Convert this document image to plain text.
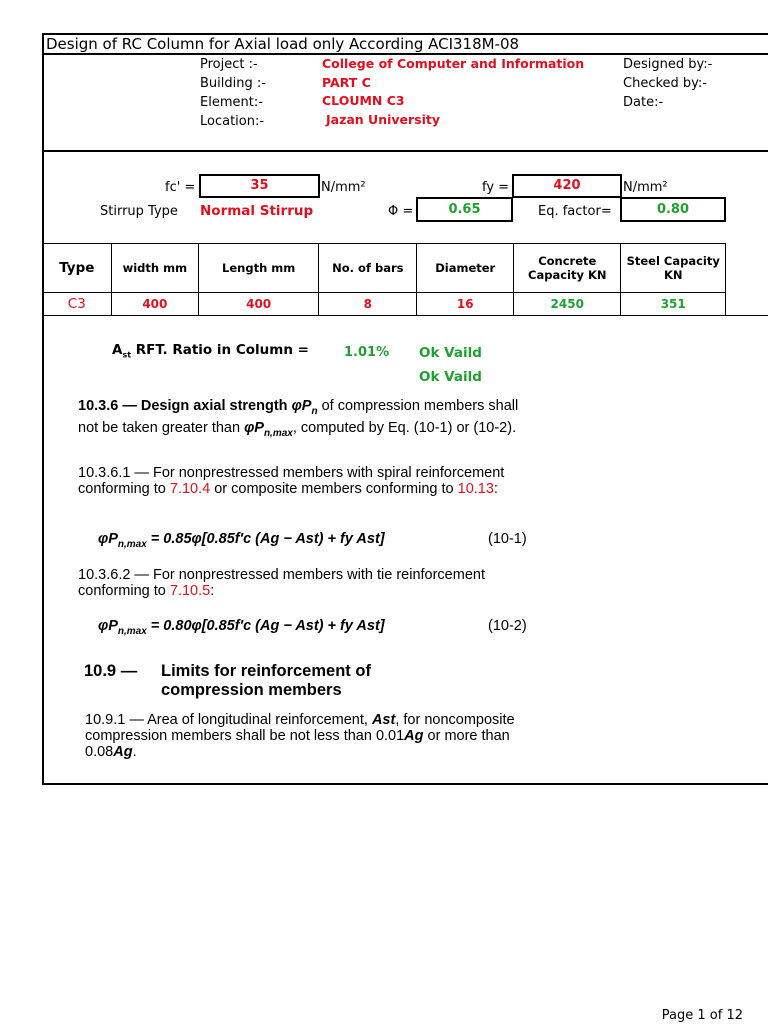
Design of RC Column for Axial load only According ACI318M-08
Project :-	College of Computer and Information
Building :-	PART C
Element:-	CLOUMN C3
Location:-	Jazan University
Designed by:-
Checked by:-
Date:-
fc' =	35	N/mm²	fy =	420	N/mm²
Stirrup Type Normal Stirrup	Φ =	0.65	Eq. factor=	0.80
Type	width mm	Length mm	No. of bars	Diameter	Concrete Capacity KN	Steel Capacity KN
C3	400	400	8	16	2450	351
$A_{st}$ RFT. Ratio in Column =	1.01% Ok Vaild
Ok Vaild
10.3.6 — Design axial strength $\varphi P_n$ of compression members shall not be taken greater than $\varphi P_{n,max}$, computed by Eq. (10-1) or (10-2).
10.3.6.1 — For nonprestressed members with spiral reinforcement conforming to 7.10.4 or composite members conforming to 10.13:
$\varphi P_{n,max} = 0.85\varphi[0.85f'c$ (Ag − Ast) + fy Ast]	(10-1)
10.3.6.2 — For nonprestressed members with tie reinforcement conforming to 7.10.5:
$\varphi P_{n,max} = 0.80\varphi[0.85f'c$ (Ag − Ast) + fy Ast]	(10-2)
10.9 — Limits for reinforcement of
compression members
10.9.1 — Area of longitudinal reinforcement, Ast, for noncomposite compression members shall be not less than 0.01Ag or more than 0.08Ag.
Page 1 of 12
